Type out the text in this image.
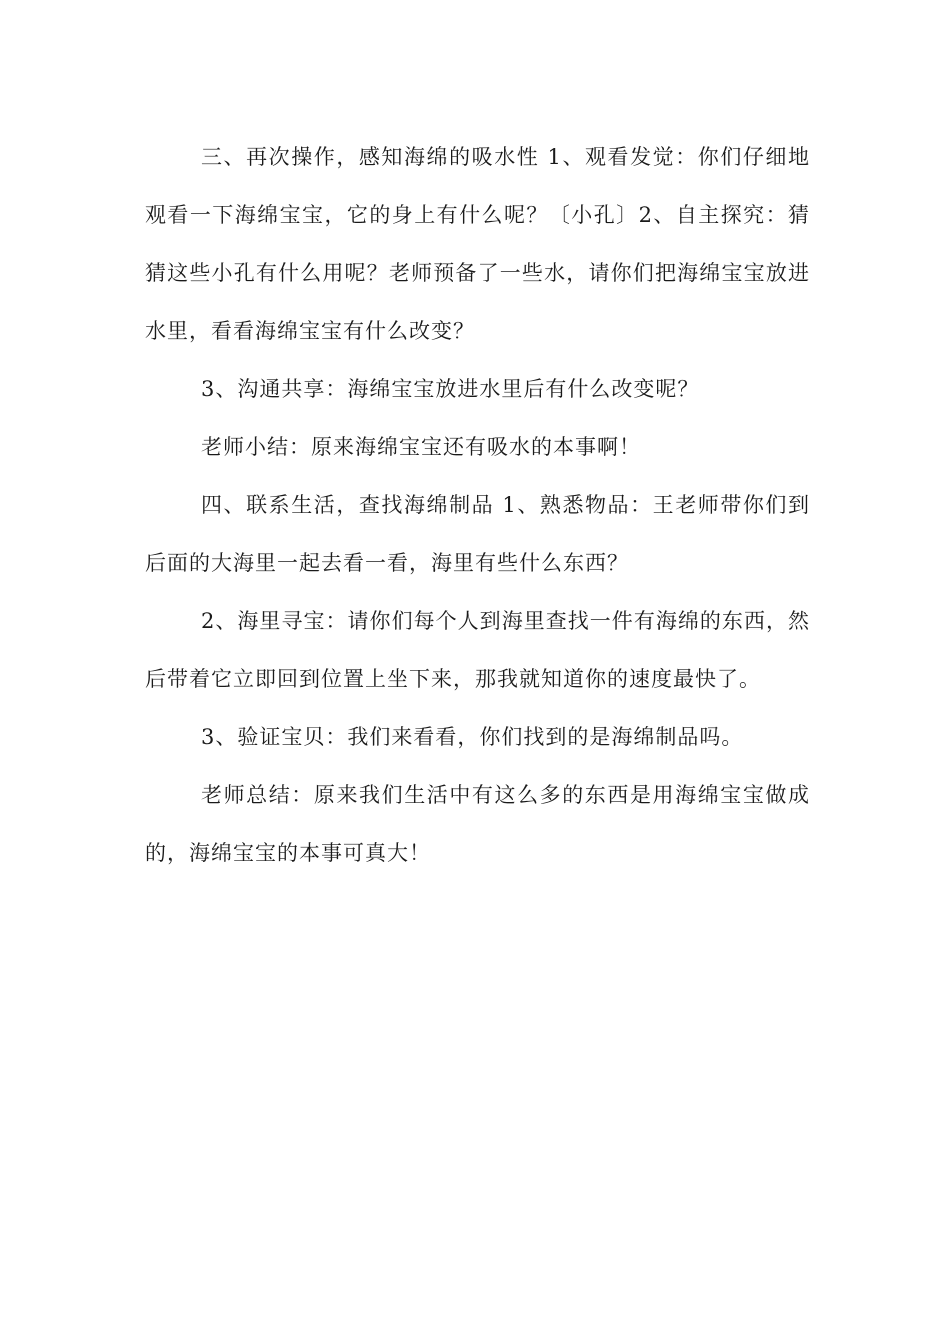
三、再次操作，感知海绵的吸水性 1、观看发觉：你们仔细地观看一下海绵宝宝，它的身上有什么呢？〔小孔〕2、自主探究：猜猜这些小孔有什么用呢？老师预备了一些水，请你们把海绵宝宝放进水里，看看海绵宝宝有什么改变？

3、沟通共享：海绵宝宝放进水里后有什么改变呢？

老师小结：原来海绵宝宝还有吸水的本事啊！

四、联系生活，查找海绵制品 1、熟悉物品：王老师带你们到后面的大海里一起去看一看，海里有些什么东西？

2、海里寻宝：请你们每个人到海里查找一件有海绵的东西，然后带着它立即回到位置上坐下来，那我就知道你的速度最快了。

3、验证宝贝：我们来看看，你们找到的是海绵制品吗。

老师总结：原来我们生活中有这么多的东西是用海绵宝宝做成的，海绵宝宝的本事可真大！
